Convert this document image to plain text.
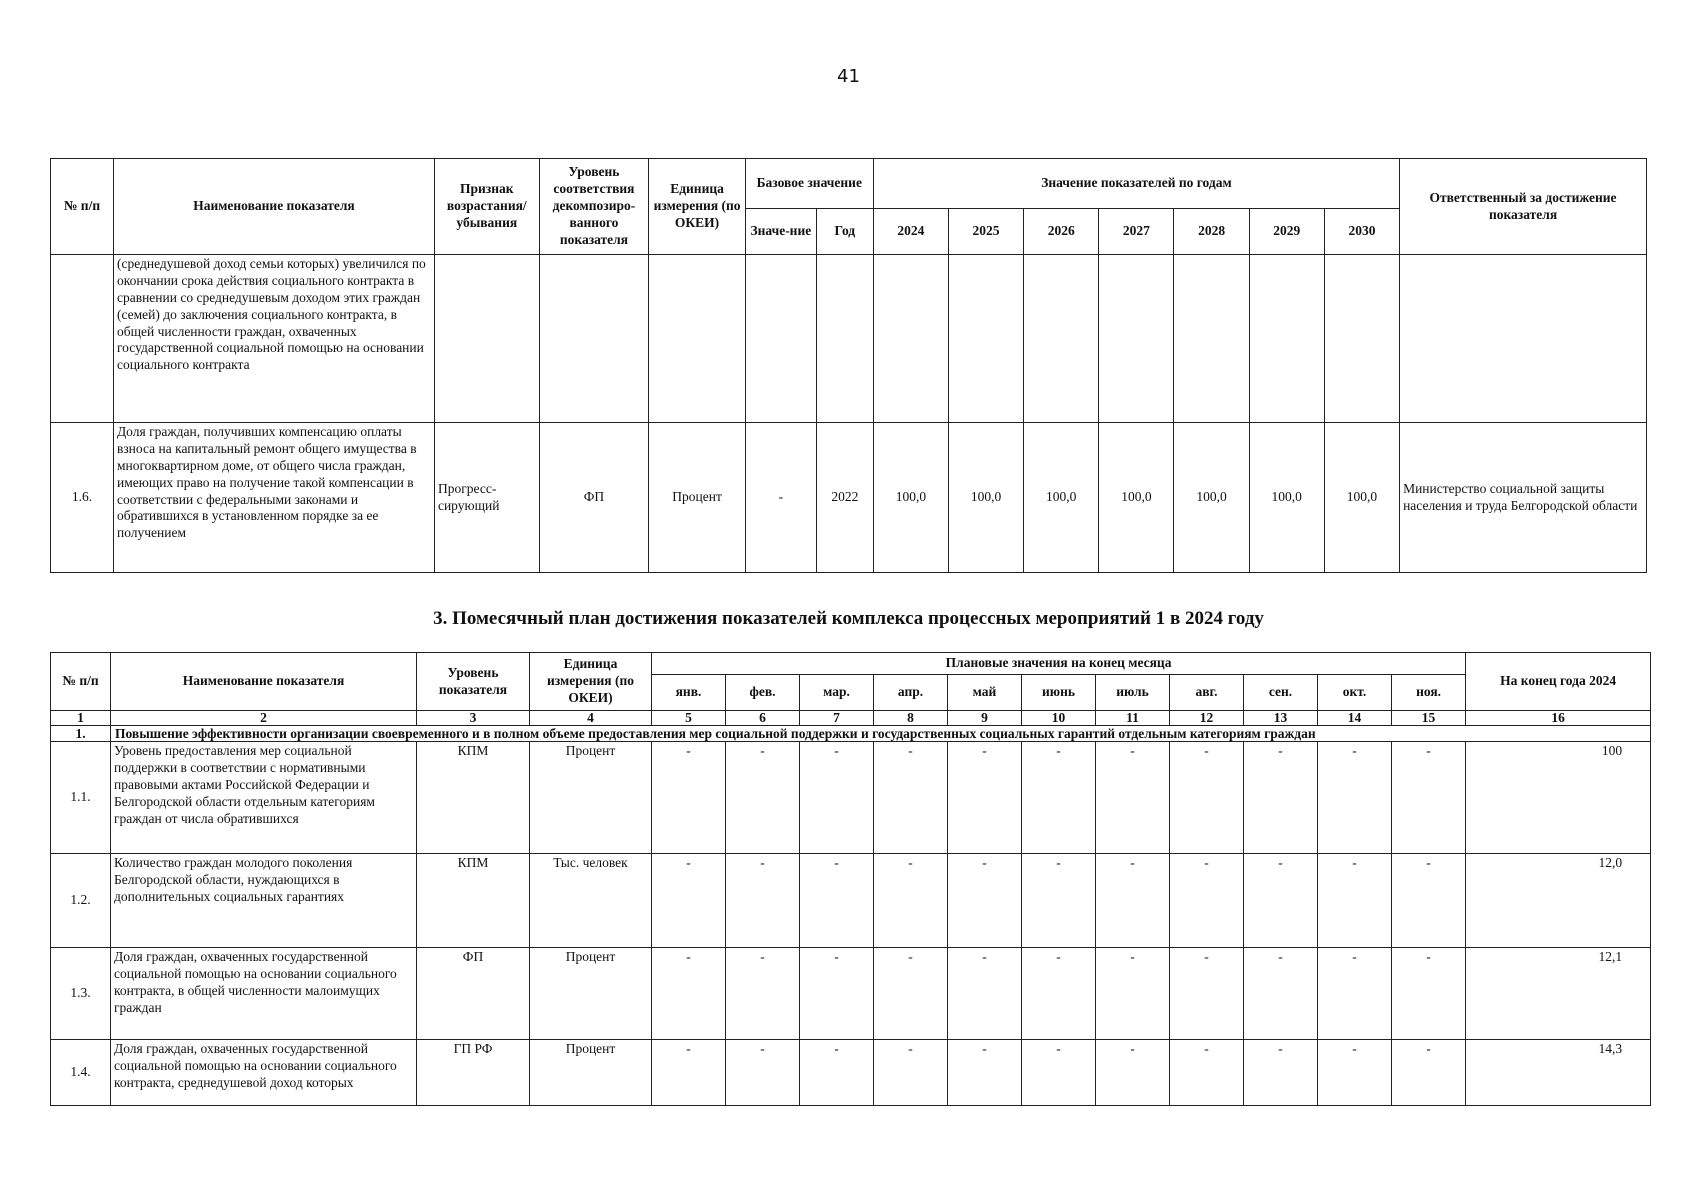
41
№ п/п	Наименование показателя	Признак возрастания/ убывания	Уровень соответствия декомпозиро-ванного показателя	Единица измерения (по ОКЕИ)	Базовое значение		Значение показателей по годам							Ответственный за достижение показателя
					Значе-ние	Год	2024	2025	2026	2027	2028	2029	2030	
	(среднедушевой доход семьи которых) увеличился по окончании срока действия социального контракта в сравнении со среднедушевым доходом этих граждан (семей) до заключения социального контракта, в общей численности граждан, охваченных государственной социальной помощью на основании социального контракта													
1.6.	Доля граждан, получивших компенсацию оплаты взноса на капитальный ремонт общего имущества в многоквартирном доме, от общего числа граждан, имеющих право на получение такой компенсации в соответствии с федеральными законами и обратившихся в установленном порядке за ее получением	Прогресс-сирующий	ФП	Процент	-	2022	100,0	100,0	100,0	100,0	100,0	100,0	100,0	Министерство социальной защиты населения и труда Белгородской области
3. Помесячный план достижения показателей комплекса процессных мероприятий 1 в 2024 году
№ п/п	Наименование показателя	Уровень показателя	Единица измерения (по ОКЕИ)	Плановые значения на конец месяца											На конец года 2024
				янв.	фев.	мар.	апр.	май	июнь	июль	авг.	сен.	окт.	ноя.	
1	2	3	4	5	6	7	8	9	10	11	12	13	14	15	16
1.	Повышение эффективности организации своевременного и в полном объеме предоставления мер социальной поддержки и государственных социальных гарантий отдельным категориям граждан														
1.1.	Уровень предоставления мер социальной поддержки в соответствии с нормативными правовыми актами Российской Федерации и Белгородской области отдельным категориям граждан от числа обратившихся	КПМ	Процент	-	-	-	-	-	-	-	-	-	-	-	100
1.2.	Количество граждан молодого поколения Белгородской области, нуждающихся в дополнительных социальных гарантиях	КПМ	Тыс. человек	-	-	-	-	-	-	-	-	-	-	-	12,0
1.3.	Доля граждан, охваченных государственной социальной помощью на основании социального контракта, в общей численности малоимущих граждан	ФП	Процент	-	-	-	-	-	-	-	-	-	-	-	12,1
1.4.	Доля граждан, охваченных государственной социальной помощью на основании социального контракта, среднедушевой доход которых	ГП РФ	Процент	-	-	-	-	-	-	-	-	-	-	-	14,3
